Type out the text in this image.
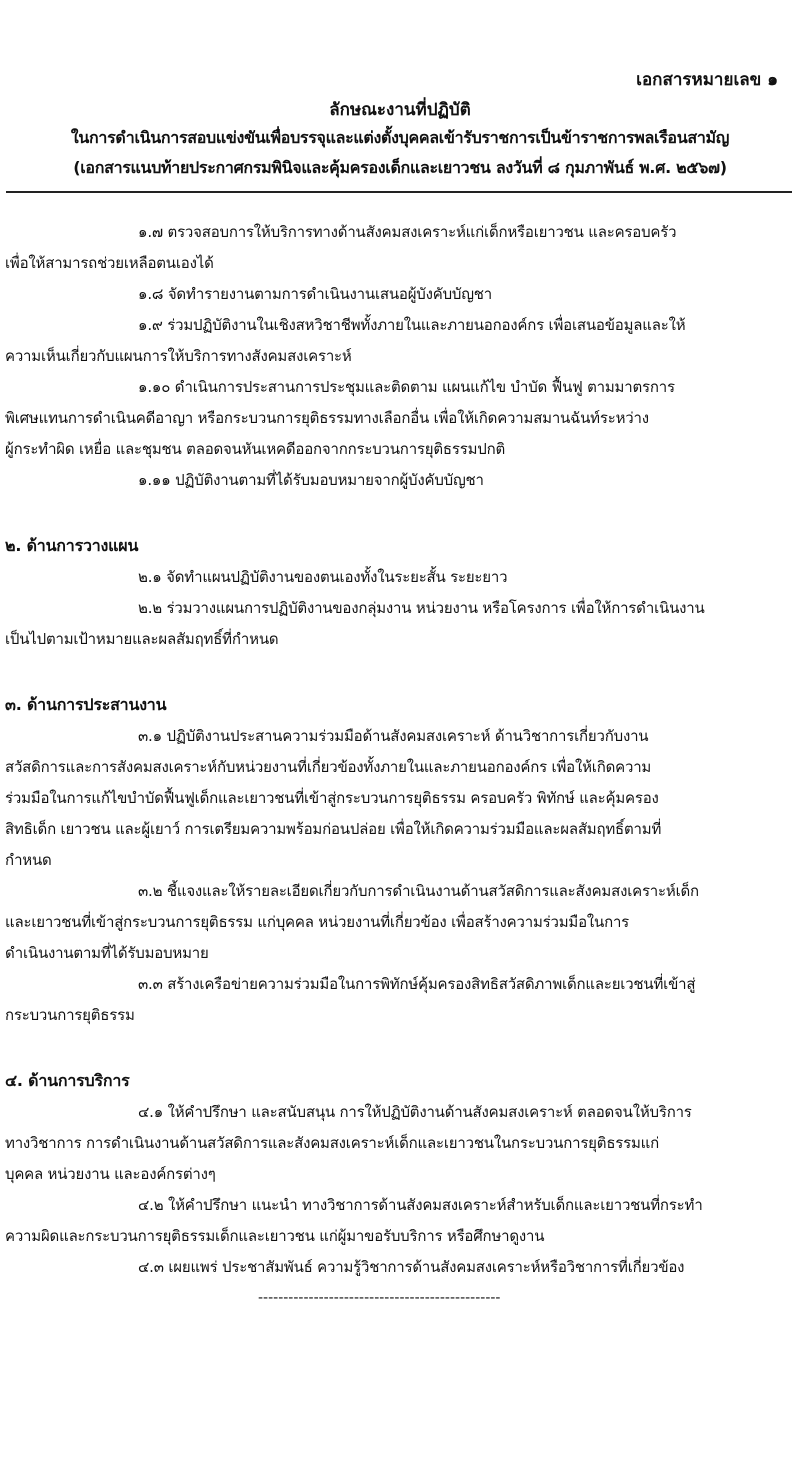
เอกสารหมายเลข ๑
ลักษณะงานที่ปฏิบัติ
ในการดำเนินการสอบแข่งขันเพื่อบรรจุและแต่งตั้งบุคคลเข้ารับราชการเป็นข้าราชการพลเรือนสามัญ
(เอกสารแนบท้ายประกาศกรมพินิจและคุ้มครองเด็กและเยาวชน ลงวันที่ ๘ กุมภาพันธ์ พ.ศ. ๒๕๖๗)
๑.๗ ตรวจสอบการให้บริการทางด้านสังคมสงเคราะห์แก่เด็กหรือเยาวชน และครอบครัว
เพื่อให้สามารถช่วยเหลือตนเองได้
๑.๘ จัดทำรายงานตามการดำเนินงานเสนอผู้บังคับบัญชา
๑.๙ ร่วมปฏิบัติงานในเชิงสหวิชาชีพทั้งภายในและภายนอกองค์กร เพื่อเสนอข้อมูลและให้
ความเห็นเกี่ยวกับแผนการให้บริการทางสังคมสงเคราะห์
๑.๑๐ ดำเนินการประสานการประชุมและติดตาม แผนแก้ไข บำบัด ฟื้นฟู ตามมาตรการ
พิเศษแทนการดำเนินคดีอาญา หรือกระบวนการยุติธรรมทางเลือกอื่น เพื่อให้เกิดความสมานฉันท์ระหว่าง
ผู้กระทำผิด เหยื่อ และชุมชน ตลอดจนหันเหคดีออกจากกระบวนการยุติธรรมปกติ
๑.๑๑ ปฏิบัติงานตามที่ได้รับมอบหมายจากผู้บังคับบัญชา
๒. ด้านการวางแผน
๒.๑ จัดทำแผนปฏิบัติงานของตนเองทั้งในระยะสั้น ระยะยาว
๒.๒ ร่วมวางแผนการปฏิบัติงานของกลุ่มงาน หน่วยงาน หรือโครงการ เพื่อให้การดำเนินงาน
เป็นไปตามเป้าหมายและผลสัมฤทธิ์ที่กำหนด
๓. ด้านการประสานงาน
๓.๑ ปฏิบัติงานประสานความร่วมมือด้านสังคมสงเคราะห์ ด้านวิชาการเกี่ยวกับงาน
สวัสดิการและการสังคมสงเคราะห์กับหน่วยงานที่เกี่ยวข้องทั้งภายในและภายนอกองค์กร เพื่อให้เกิดความ
ร่วมมือในการแก้ไขบำบัดฟื้นฟูเด็กและเยาวชนที่เข้าสู่กระบวนการยุติธรรม ครอบครัว พิทักษ์ และคุ้มครอง
สิทธิเด็ก เยาวชน และผู้เยาว์ การเตรียมความพร้อมก่อนปล่อย เพื่อให้เกิดความร่วมมือและผลสัมฤทธิ์ตามที่
กำหนด
๓.๒ ชี้แจงและให้รายละเอียดเกี่ยวกับการดำเนินงานด้านสวัสดิการและสังคมสงเคราะห์เด็ก
และเยาวชนที่เข้าสู่กระบวนการยุติธรรม แก่บุคคล หน่วยงานที่เกี่ยวข้อง เพื่อสร้างความร่วมมือในการ
ดำเนินงานตามที่ได้รับมอบหมาย
๓.๓ สร้างเครือข่ายความร่วมมือในการพิทักษ์คุ้มครองสิทธิสวัสดิภาพเด็กและยเวชนที่เข้าสู่
กระบวนการยุติธรรม
๔. ด้านการบริการ
๔.๑ ให้คำปรึกษา และสนับสนุน การให้ปฏิบัติงานด้านสังคมสงเคราะห์ ตลอดจนให้บริการ
ทางวิชาการ การดำเนินงานด้านสวัสดิการและสังคมสงเคราะห์เด็กและเยาวชนในกระบวนการยุติธรรมแก่
บุคคล หน่วยงาน และองค์กรต่างๆ
๔.๒ ให้คำปรึกษา แนะนำ ทางวิชาการด้านสังคมสงเคราะห์สำหรับเด็กและเยาวชนที่กระทำ
ความผิดและกระบวนการยุติธรรมเด็กและเยาวชน แก่ผู้มาขอรับบริการ หรือศึกษาดูงาน
๔.๓ เผยแพร่ ประชาสัมพันธ์ ความรู้วิชาการด้านสังคมสงเคราะห์หรือวิชาการที่เกี่ยวข้อง
------------------------------------------------
